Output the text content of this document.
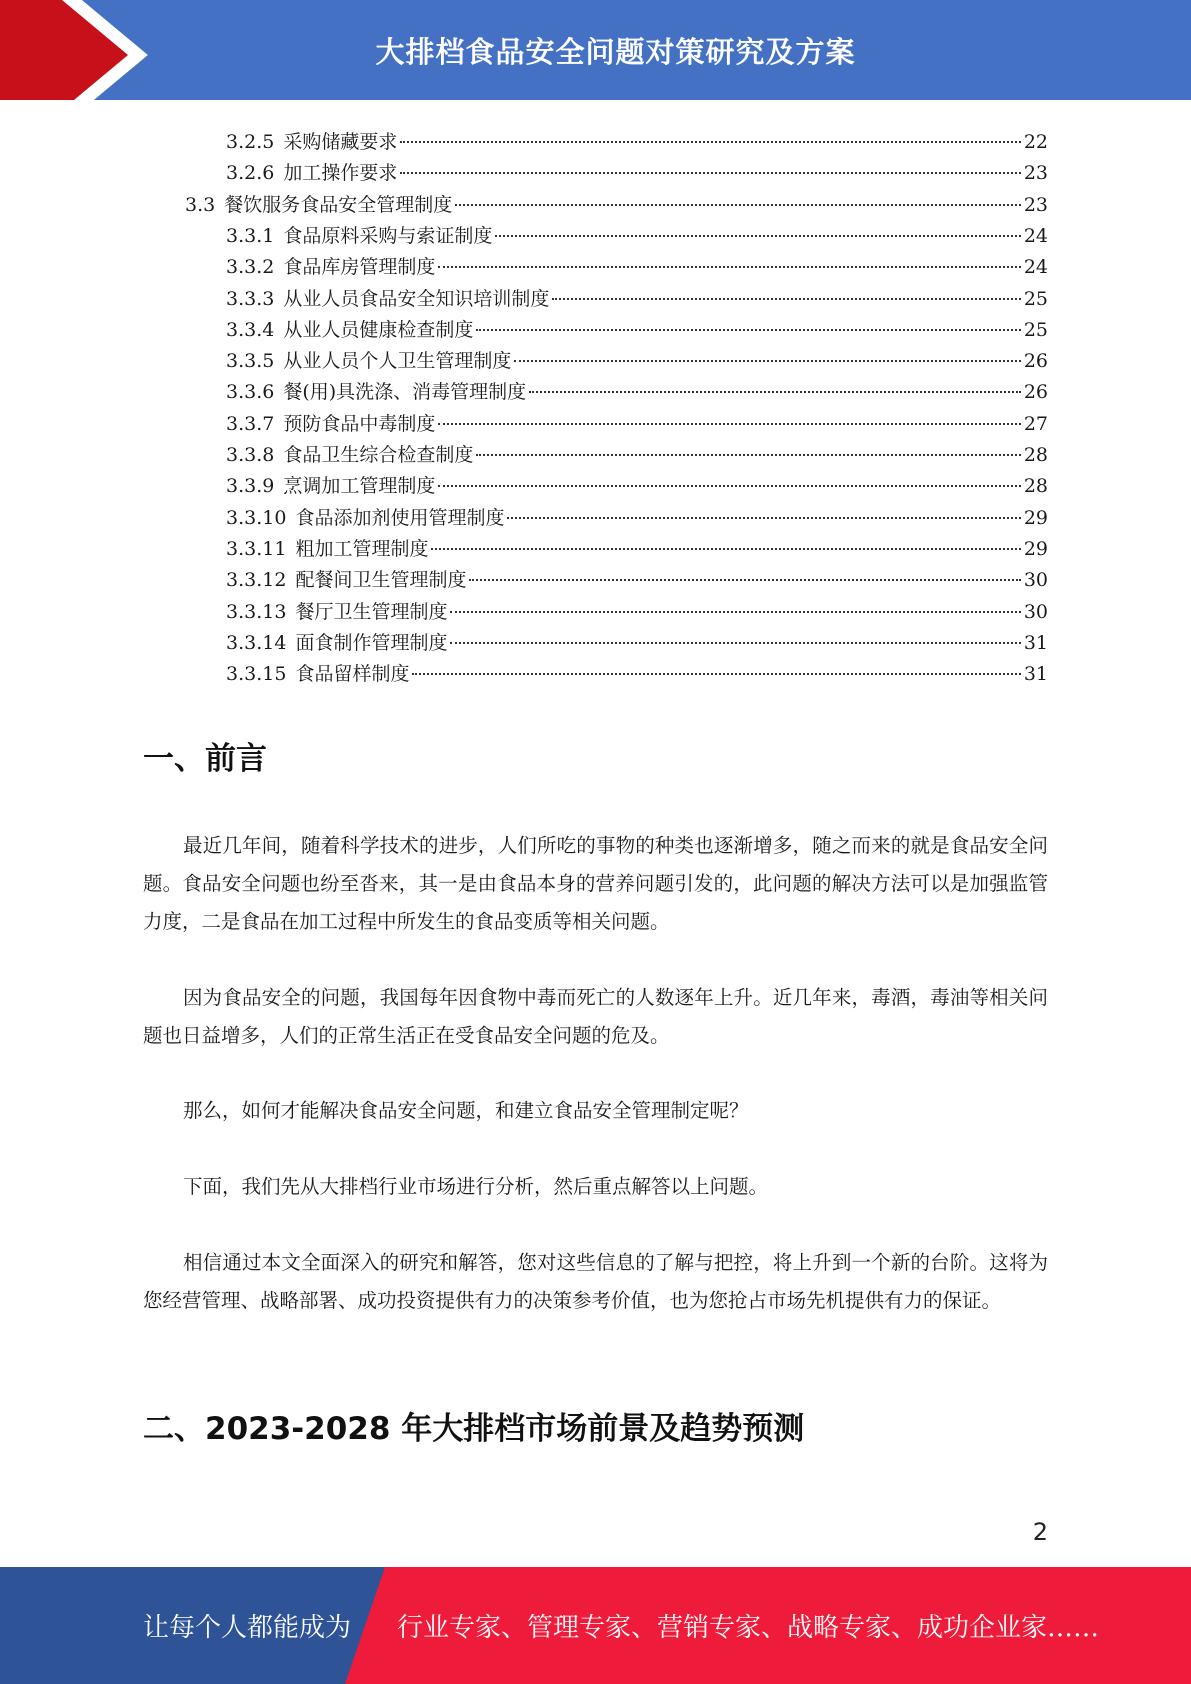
大排档食品安全问题对策研究及方案
3.2.5 采购储藏要求	22
3.2.6 加工操作要求	23
3.3 餐饮服务食品安全管理制度	23
3.3.1 食品原料采购与索证制度	24
3.3.2 食品库房管理制度	24
3.3.3 从业人员食品安全知识培训制度	25
3.3.4 从业人员健康检查制度	25
3.3.5 从业人员个人卫生管理制度	26
3.3.6 餐(用)具洗涤、消毒管理制度	26
3.3.7 预防食品中毒制度	27
3.3.8 食品卫生综合检查制度	28
3.3.9 烹调加工管理制度	28
3.3.10 食品添加剂使用管理制度	29
3.3.11 粗加工管理制度	29
3.3.12 配餐间卫生管理制度	30
3.3.13 餐厅卫生管理制度	30
3.3.14 面食制作管理制度	31
3.3.15 食品留样制度	31
一、前言

最近几年间，随着科学技术的进步，人们所吃的事物的种类也逐渐增多，随之而来的就是食品安全问题。食品安全问题也纷至沓来，其一是由食品本身的营养问题引发的，此问题的解决方法可以是加强监管力度，二是食品在加工过程中所发生的食品变质等相关问题。

因为食品安全的问题，我国每年因食物中毒而死亡的人数逐年上升。近几年来，毒酒，毒油等相关问题也日益增多，人们的正常生活正在受食品安全问题的危及。

那么，如何才能解决食品安全问题，和建立食品安全管理制定呢？

下面，我们先从大排档行业市场进行分析，然后重点解答以上问题。

相信通过本文全面深入的研究和解答，您对这些信息的了解与把控，将上升到一个新的台阶。这将为您经营管理、战略部署、成功投资提供有力的决策参考价值，也为您抢占市场先机提供有力的保证。

二、2023-2028 年大排档市场前景及趋势预测
2
让每个人都能成为 行业专家、管理专家、营销专家、战略专家、成功企业家……
